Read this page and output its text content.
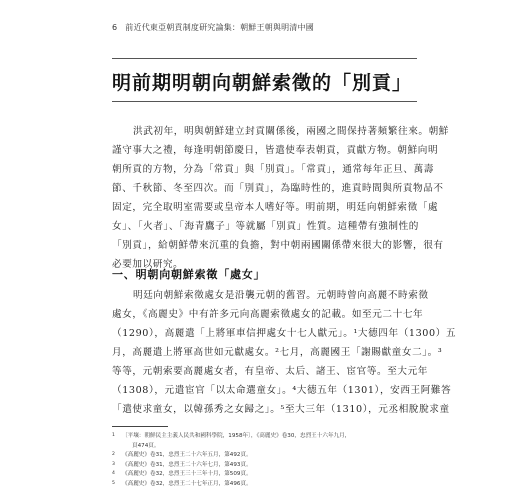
6 前近代東亞朝貢制度研究論集：朝鮮王朝與明清中國
明前期明朝向朝鮮索徵的「別貢」
洪武初年，明與朝鮮建立封貢關係後，兩國之間保持著頻繁往來。朝鮮
謹守事大之禮，每逢明朝節慶日，皆遣使奉表朝貢，貢獻方物。朝鮮向明
朝所貢的方物，分為「常貢」與「別貢」。「常貢」，通常每年正旦、萬壽
節、千秋節、冬至四次。而「別貢」，為臨時性的，進貢時間與所貢物品不
固定，完全取明室需要或皇帝本人嗜好等。明前期，明廷向朝鮮索徵「處
女」、「火者」、「海青鷹子」等就屬「別貢」性質。這種帶有強制性的
「別貢」，給朝鮮帶來沉重的負擔，對中朝兩國關係帶來很大的影響，很有
必要加以研究。
一、明朝向朝鮮索徵「處女」
明廷向朝鮮索徵處女是沿襲元朝的舊習。元朝時曾向高麗不時索徵
處女，《高麗史》中有許多元向高麗索徵處女的記載。如至元二十七年
（1290），高麗遣「上將軍車信押處女十七人獻元」。¹大德四年（1300）五
月，高麗遣上將軍高世如元獻處女。²七月，高麗國王「謝賜獻童女二」。³
等等，元朝索要高麗處女者，有皇帝、太后、諸王、宦官等。至大元年
（1308），元遣宦官「以太命選童女」。⁴大德五年（1301），安西王阿難答
「遣使求童女，以韓孫秀之女歸之」。⁵至大三年（1310），元丞相脫脫求童
1 〔平壤：朝鮮民主主義人民共和國科學院，1958年〕，《高麗史》卷30，忠烈王十六年九月，
頁474頁。
2 《高麗史》卷31，忠烈王二十六年五月，第492頁。
3 《高麗史》卷31，忠烈王二十六年七月，第493頁。
4 《高麗史》卷32，忠烈王三十三年十月，第509頁。
5 《高麗史》卷32，忠烈王二十七年正月，第496頁。
